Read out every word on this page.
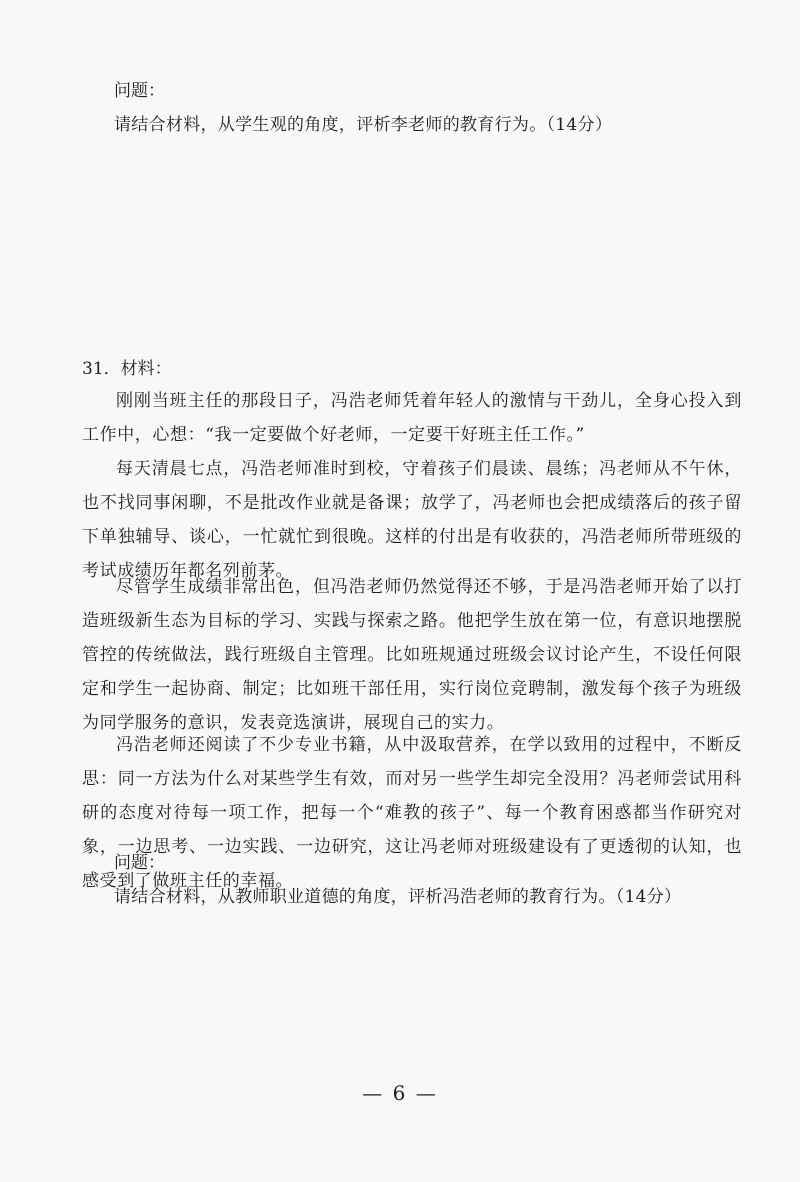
问题：
请结合材料，从学生观的角度，评析李老师的教育行为。（14分）
31．材料：
刚刚当班主任的那段日子，冯浩老师凭着年轻人的激情与干劲儿，全身心投入到工作中，心想：“我一定要做个好老师，一定要干好班主任工作。”
每天清晨七点，冯浩老师准时到校，守着孩子们晨读、晨练；冯老师从不午休，也不找同事闲聊，不是批改作业就是备课；放学了，冯老师也会把成绩落后的孩子留下单独辅导、谈心，一忙就忙到很晚。这样的付出是有收获的，冯浩老师所带班级的考试成绩历年都名列前茅。
尽管学生成绩非常出色，但冯浩老师仍然觉得还不够，于是冯浩老师开始了以打造班级新生态为目标的学习、实践与探索之路。他把学生放在第一位，有意识地摆脱管控的传统做法，践行班级自主管理。比如班规通过班级会议讨论产生，不设任何限定和学生一起协商、制定；比如班干部任用，实行岗位竞聘制，激发每个孩子为班级为同学服务的意识，发表竞选演讲，展现自己的实力。
冯浩老师还阅读了不少专业书籍，从中汲取营养，在学以致用的过程中，不断反思：同一方法为什么对某些学生有效，而对另一些学生却完全没用？冯老师尝试用科研的态度对待每一项工作，把每一个“难教的孩子”、每一个教育困惑都当作研究对象，一边思考、一边实践、一边研究，这让冯老师对班级建设有了更透彻的认知，也感受到了做班主任的幸福。
问题：
请结合材料，从教师职业道德的角度，评析冯浩老师的教育行为。（14分）
— 6 —
